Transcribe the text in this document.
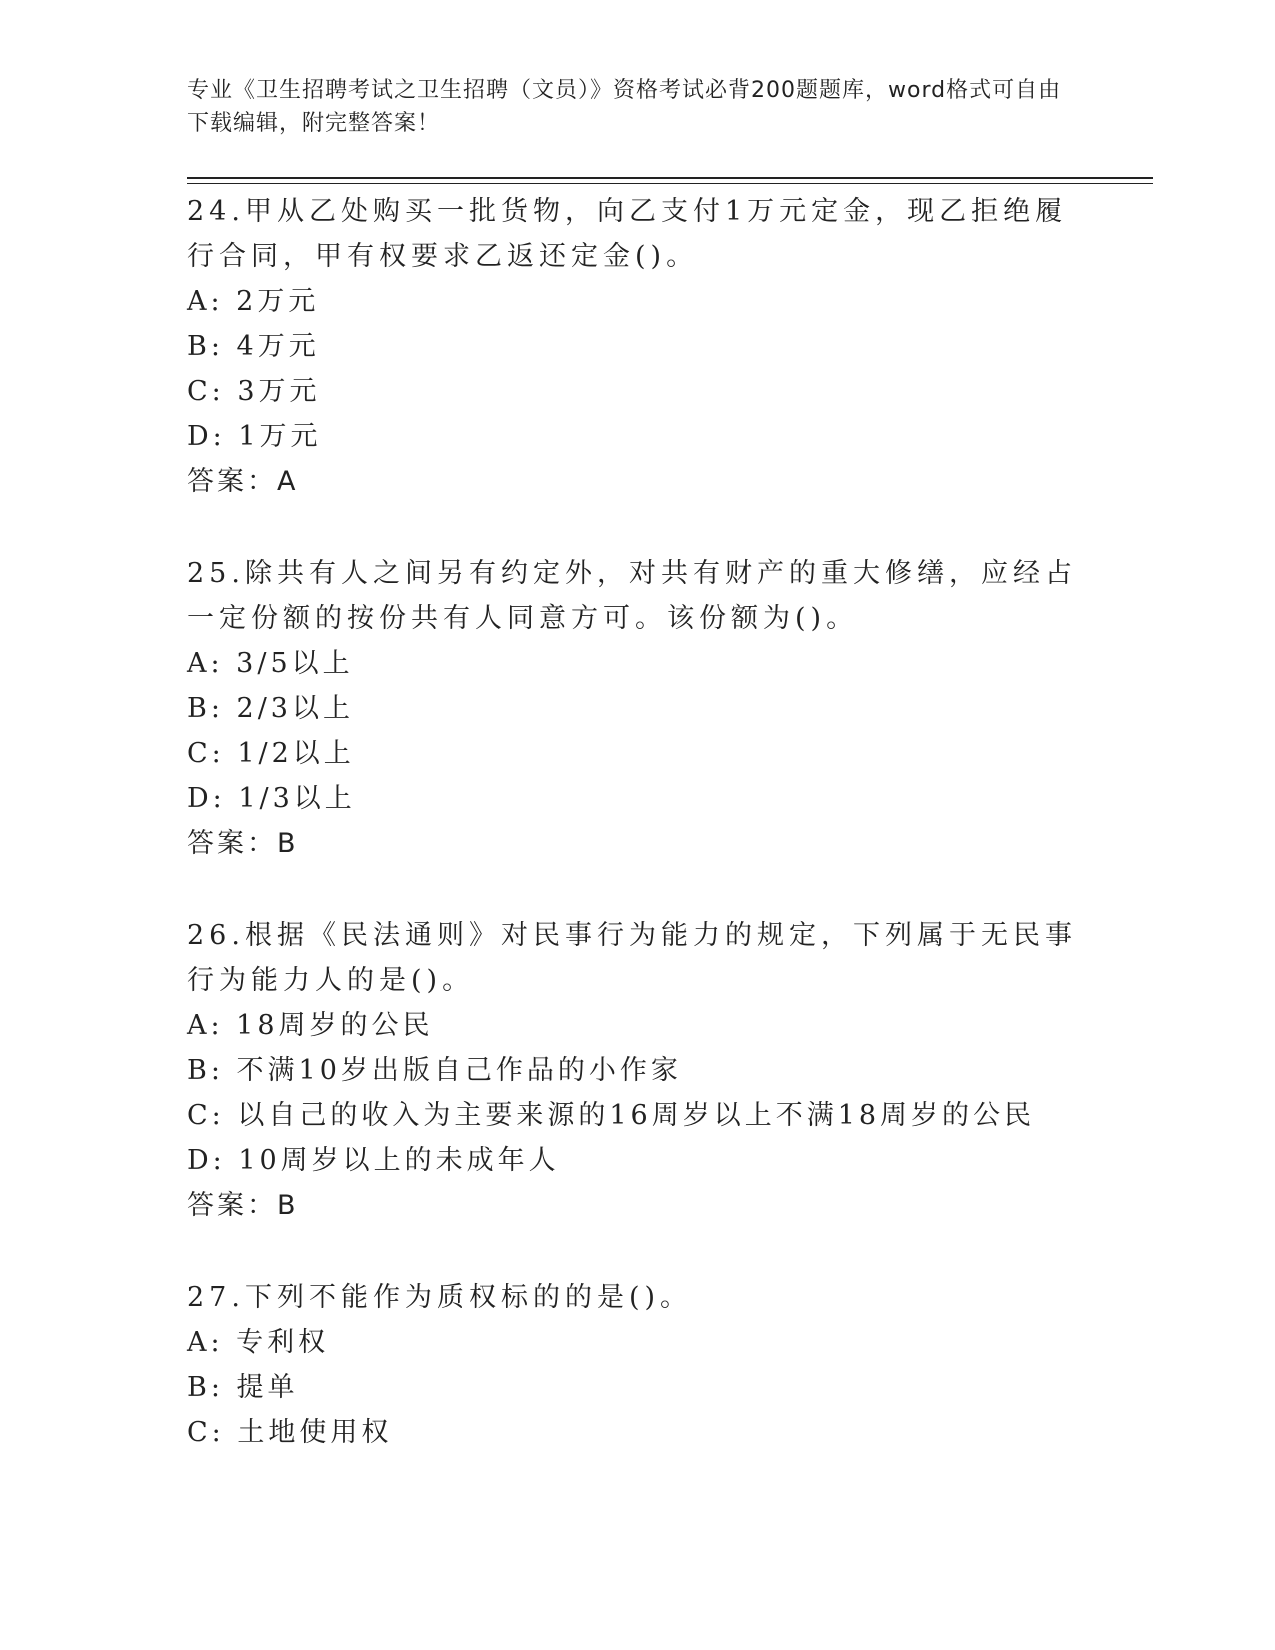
专业《卫生招聘考试之卫生招聘（文员）》资格考试必背200题题库，word格式可自由下载编辑，附完整答案！

24.甲从乙处购买一批货物，向乙支付1万元定金，现乙拒绝履行合同，甲有权要求乙返还定金()。

A: 2万元

B: 4万元

C: 3万元

D: 1万元

答案：A

25.除共有人之间另有约定外，对共有财产的重大修缮，应经占一定份额的按份共有人同意方可。该份额为()。

A: 3/5以上

B: 2/3以上

C: 1/2以上

D: 1/3以上

答案：B

26.根据《民法通则》对民事行为能力的规定，下列属于无民事行为能力人的是()。

A: 18周岁的公民

B: 不满10岁出版自己作品的小作家

C: 以自己的收入为主要来源的16周岁以上不满18周岁的公民

D: 10周岁以上的未成年人

答案：B

27.下列不能作为质权标的的是()。

A: 专利权

B: 提单

C: 土地使用权
